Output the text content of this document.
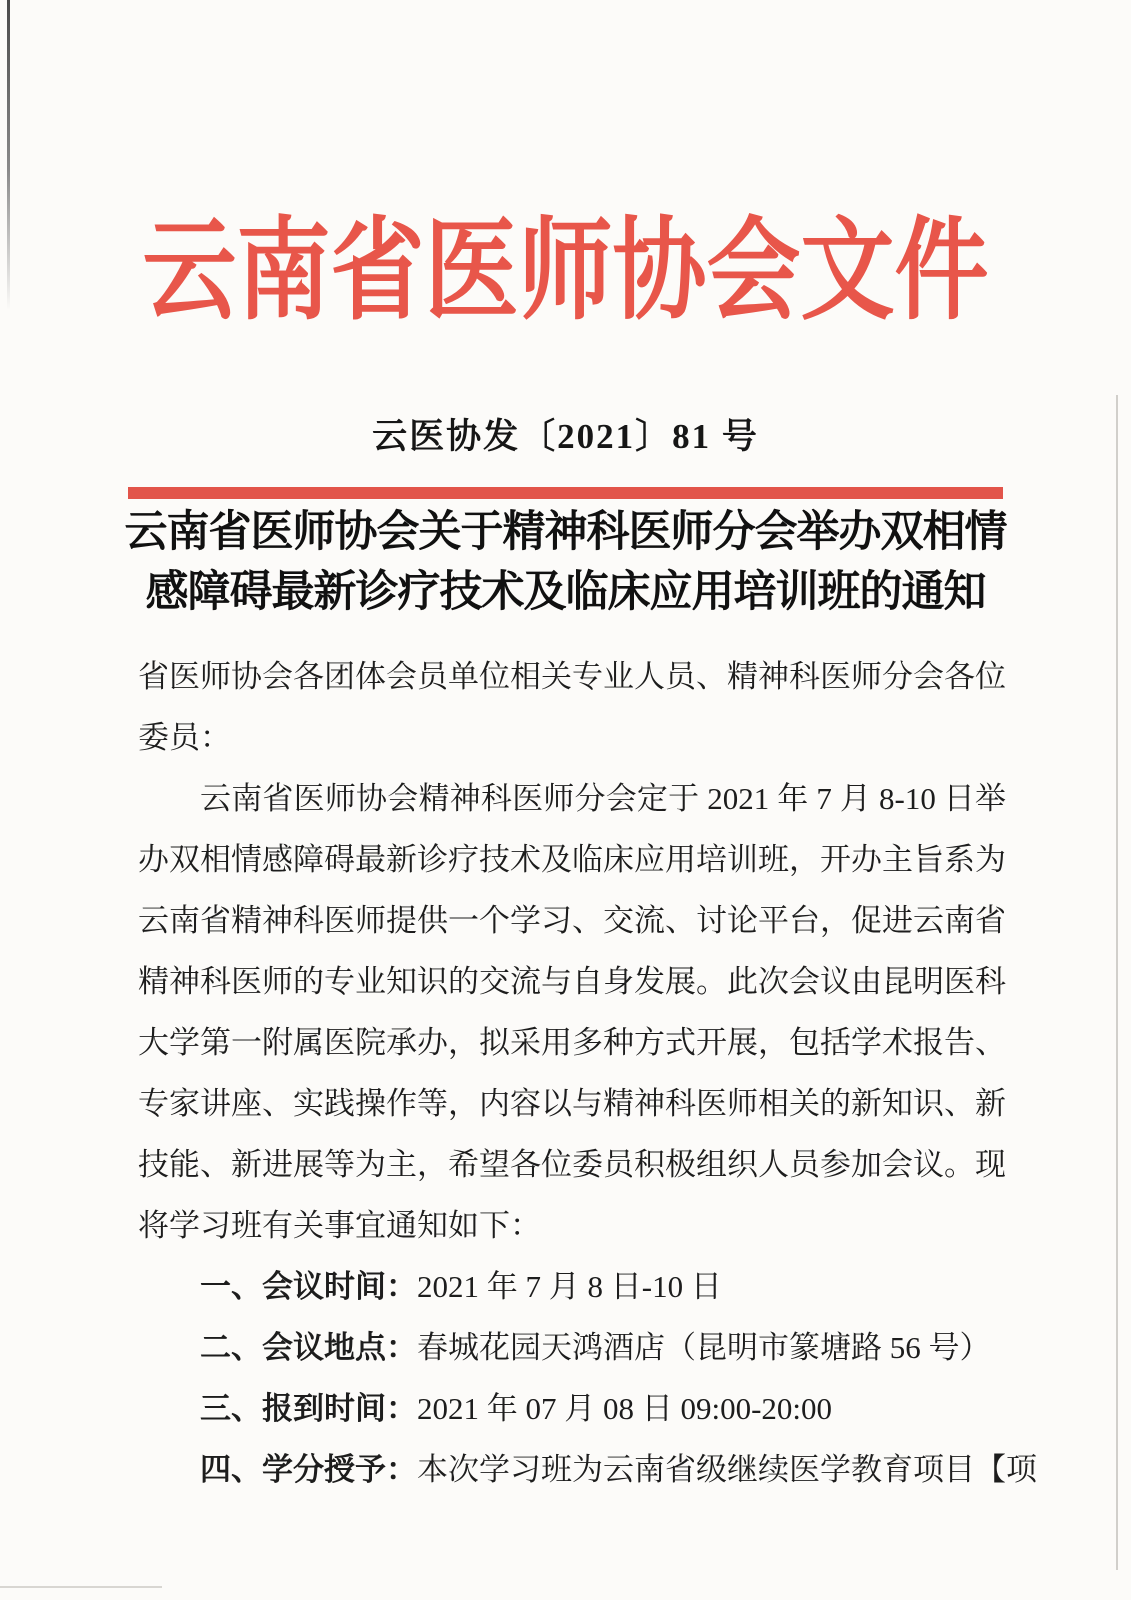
云南省医师协会文件
云医协发〔2021〕81 号
云南省医师协会关于精神科医师分会举办双相情
感障碍最新诊疗技术及临床应用培训班的通知

省医师协会各团体会员单位相关专业人员、精神科医师分会各位委员：

云南省医师协会精神科医师分会定于 2021 年 7 月 8-10 日举办双相情感障碍最新诊疗技术及临床应用培训班，开办主旨系为云南省精神科医师提供一个学习、交流、讨论平台，促进云南省精神科医师的专业知识的交流与自身发展。此次会议由昆明医科大学第一附属医院承办，拟采用多种方式开展，包括学术报告、专家讲座、实践操作等，内容以与精神科医师相关的新知识、新技能、新进展等为主，希望各位委员积极组织人员参加会议。现将学习班有关事宜通知如下：

一、会议时间：2021 年 7 月 8 日-10 日

二、会议地点：春城花园天鸿酒店（昆明市篆塘路 56 号）

三、报到时间：2021 年 07 月 08 日 09:00-20:00

四、学分授予：本次学习班为云南省级继续医学教育项目【项
